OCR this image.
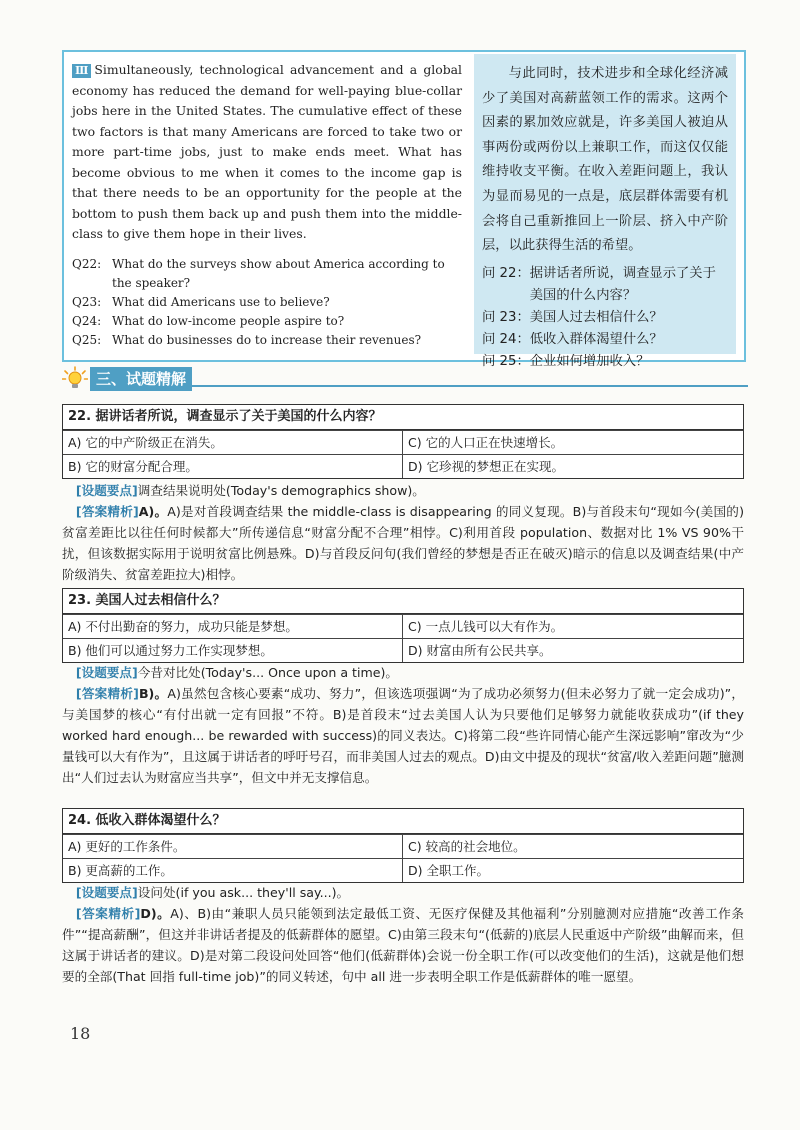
Ⅲ Simultaneously, technological advancement and a global economy has reduced the demand for well-paying blue-collar jobs here in the United States. The cumulative effect of these two factors is that many Americans are forced to take two or more part-time jobs, just to make ends meet. What has become obvious to me when it comes to the income gap is that there needs to be an opportunity for the people at the bottom to push them back up and push them into the middle-class to give them hope in their lives.

Q22: What do the surveys show about America according to the speaker?
Q23: What did Americans use to believe?
Q24: What do low-income people aspire to?
Q25: What do businesses do to increase their revenues?

与此同时，技术进步和全球化经济减少了美国对高薪蓝领工作的需求。这两个因素的累加效应就是，许多美国人被迫从事两份或两份以上兼职工作，而这仅仅能维持收支平衡。在收入差距问题上，我认为显而易见的一点是，底层群体需要有机会将自己重新推回上一阶层、挤入中产阶层，以此获得生活的希望。

问 22： 据讲话者所说，调查显示了关于美国的什么内容？
问 23： 美国人过去相信什么？
问 24： 低收入群体渴望什么？
问 25： 企业如何增加收入？
三、试题精解
22. 据讲话者所说，调查显示了关于美国的什么内容？
A) 它的中产阶级正在消失。	C) 它的人口正在快速增长。
B) 它的财富分配合理。	D) 它珍视的梦想正在实现。

[设题要点]调查结果说明处(Today's demographics show)。

[答案精析]A)。A)是对首段调查结果 the middle-class is disappearing 的同义复现。B)与首段末句“现如今(美国的)贫富差距比以往任何时候都大”所传递信息“财富分配不合理”相悖。C)利用首段 population、数据对比 1% VS 90%干扰，但该数据实际用于说明贫富比例悬殊。D)与首段反问句(我们曾经的梦想是否正在破灭)暗示的信息以及调查结果(中产阶级消失、贫富差距拉大)相悖。

23. 美国人过去相信什么？
A) 不付出勤奋的努力，成功只能是梦想。	C) 一点儿钱可以大有作为。
B) 他们可以通过努力工作实现梦想。	D) 财富由所有公民共享。

[设题要点]今昔对比处(Today's... Once upon a time)。

[答案精析]B)。A)虽然包含核心要素“成功、努力”，但该选项强调“为了成功必须努力(但未必努力了就一定会成功)”，与美国梦的核心“有付出就一定有回报”不符。B)是首段末“过去美国人认为只要他们足够努力就能收获成功”(if they worked hard enough... be rewarded with success)的同义表达。C)将第二段“些许同情心能产生深远影响”窜改为“少量钱可以大有作为”，且这属于讲话者的呼吁号召，而非美国人过去的观点。D)由文中提及的现状“贫富/收入差距问题”臆测出“人们过去认为财富应当共享”，但文中并无支撑信息。

24. 低收入群体渴望什么？
A) 更好的工作条件。	C) 较高的社会地位。
B) 更高薪的工作。	D) 全职工作。

[设题要点]设问处(if you ask... they'll say...)。

[答案精析]D)。A)、B)由“兼职人员只能领到法定最低工资、无医疗保健及其他福利”分别臆测对应措施“改善工作条件”“提高薪酬”，但这并非讲话者提及的低薪群体的愿望。C)由第三段末句“(低薪的)底层人民重返中产阶级”曲解而来，但这属于讲话者的建议。D)是对第二段设问处回答“他们(低薪群体)会说一份全职工作(可以改变他们的生活)，这就是他们想要的全部(That 回指 full-time job)”的同义转述，句中 all 进一步表明全职工作是低薪群体的唯一愿望。

18
